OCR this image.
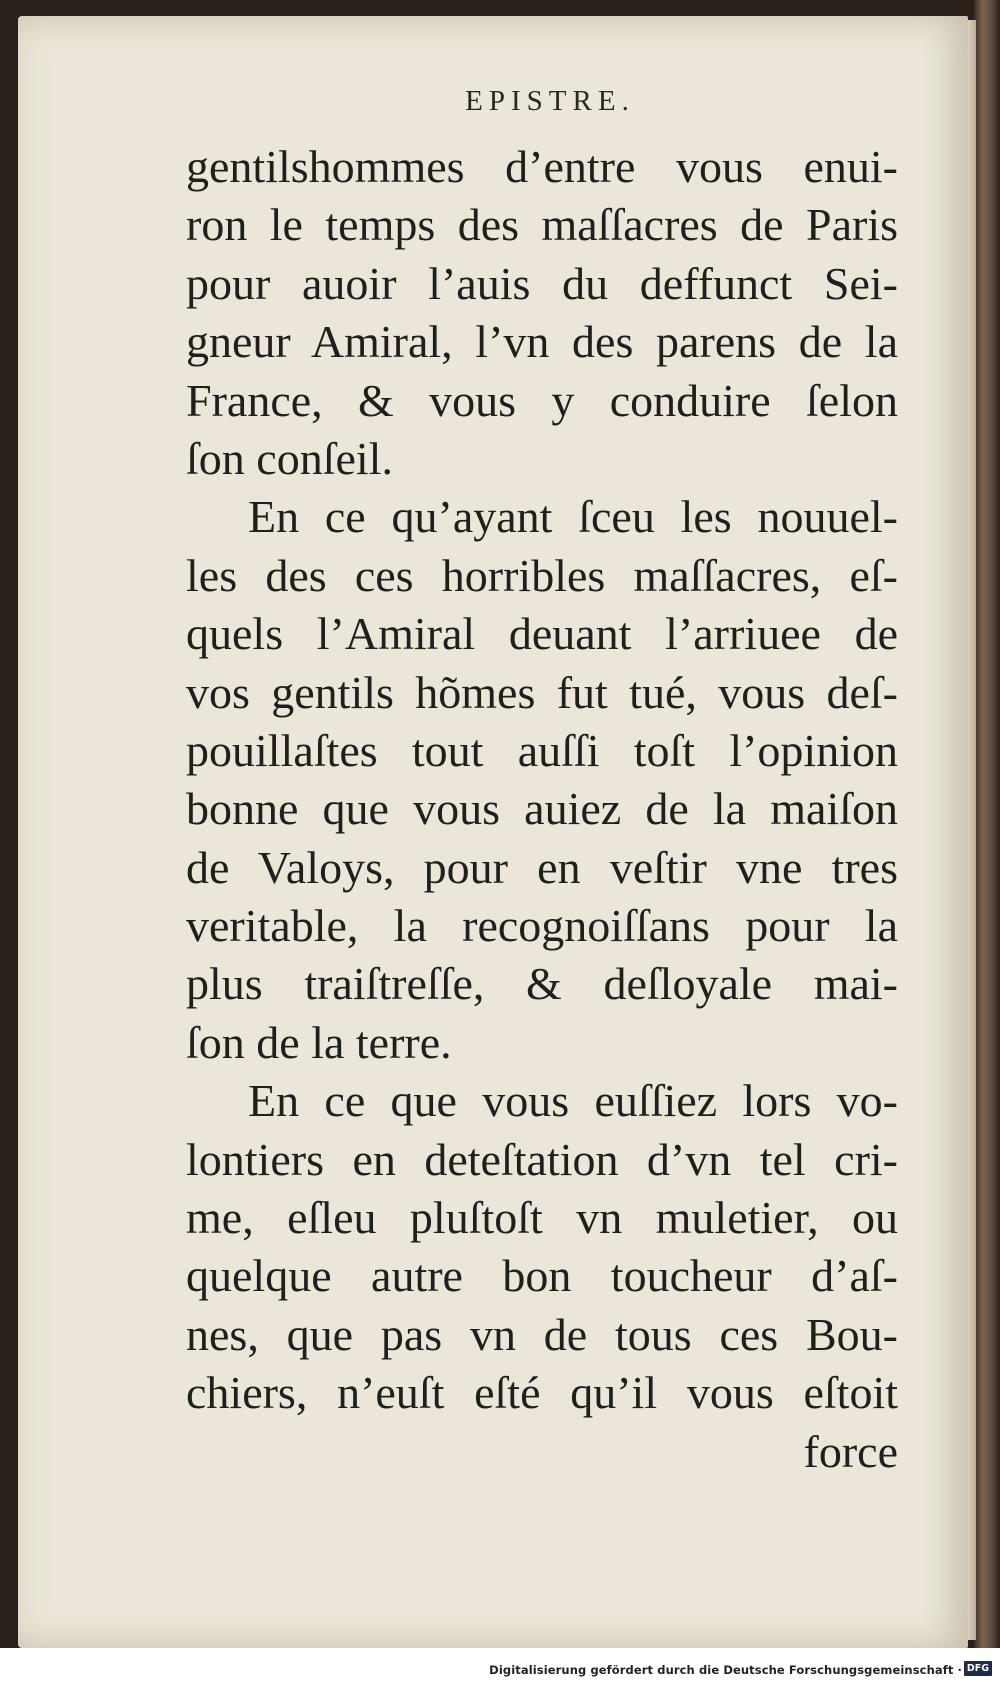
EPISTRE.
gentilshommes d’entre vous enui-
ron le temps des maſſacres de Paris
pour auoir l’auis du deffunct Sei-
gneur Amiral, l’vn des parens de la
France, & vous y conduire ſelon
ſon conſeil.
En ce qu’ayant ſceu les nouuel-
les des ces horribles maſſacres, eſ-
quels l’Amiral deuant l’arriuee de
vos gentils hõmes fut tué, vous deſ-
pouillaſtes tout auſſi toſt l’opinion
bonne que vous auiez de la maiſon
de Valoys, pour en veſtir vne tres
veritable, la recognoiſſans pour la
plus traiſtreſſe, & deſloyale mai-
ſon de la terre.
En ce que vous euſſiez lors vo-
lontiers en deteſtation d’vn tel cri-
me, eſleu pluſtoſt vn muletier, ou
quelque autre bon toucheur d’aſ-
nes, que pas vn de tous ces Bou-
chiers, n’euſt eſté qu’il vous eſtoit
force
Digitalisierung gefördert durch die Deutsche Forschungsgemeinschaft · DFG
